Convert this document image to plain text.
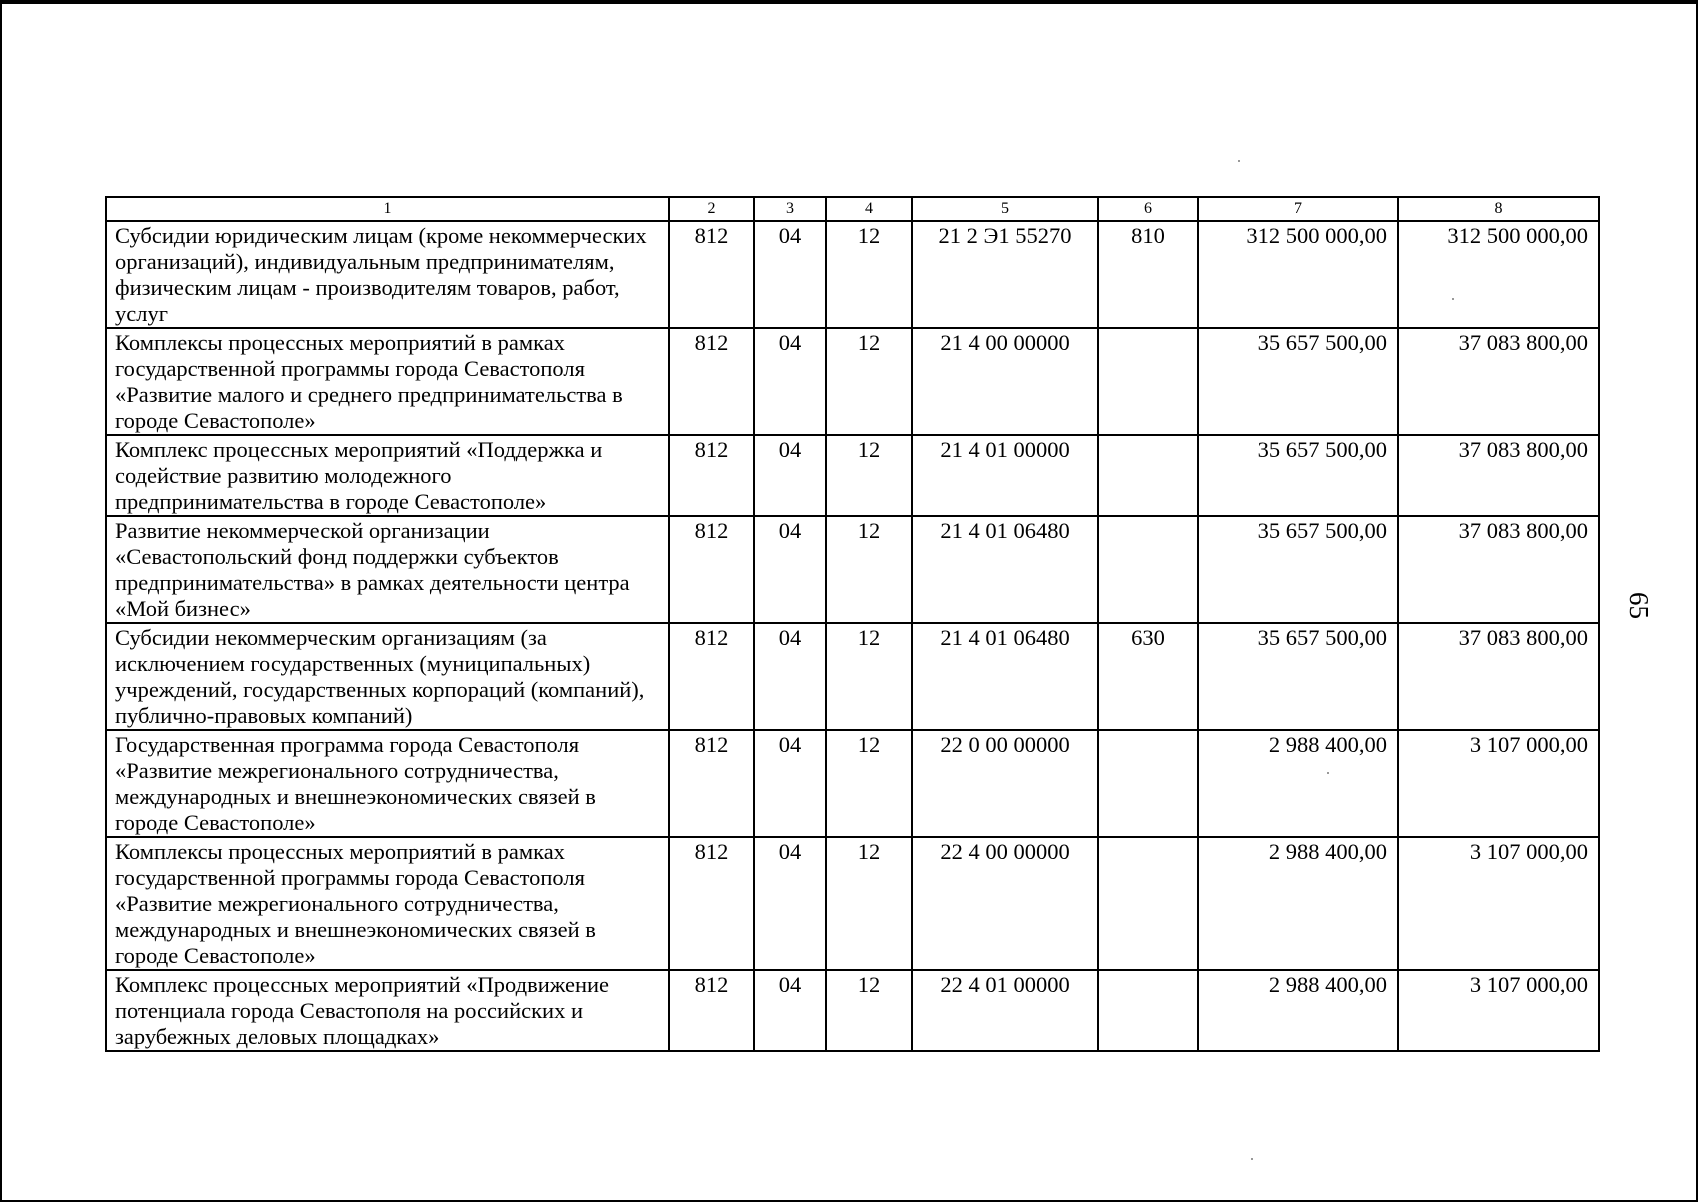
1	2	3	4	5	6	7	8
Субсидии юридическим лицам (кроме некоммерческих организаций), индивидуальным предпринимателям, физическим лицам - производителям товаров, работ, услуг	812	04	12	21 2 Э1 55270	810	312 500 000,00	312 500 000,00
Комплексы процессных мероприятий в рамках государственной программы города Севастополя «Развитие малого и среднего предпринимательства в городе Севастополе»	812	04	12	21 4 00 00000		35 657 500,00	37 083 800,00
Комплекс процессных мероприятий «Поддержка и содействие развитию молодежного предпринимательства в городе Севастополе»	812	04	12	21 4 01 00000		35 657 500,00	37 083 800,00
Развитие некоммерческой организации «Севастопольский фонд поддержки субъектов предпринимательства» в рамках деятельности центра «Мой бизнес»	812	04	12	21 4 01 06480		35 657 500,00	37 083 800,00
Субсидии некоммерческим организациям (за исключением государственных (муниципальных) учреждений, государственных корпораций (компаний), публично-правовых компаний)	812	04	12	21 4 01 06480	630	35 657 500,00	37 083 800,00
Государственная программа города Севастополя «Развитие межрегионального сотрудничества, международных и внешнеэкономических связей в городе Севастополе»	812	04	12	22 0 00 00000		2 988 400,00	3 107 000,00
Комплексы процессных мероприятий в рамках государственной программы города Севастополя «Развитие межрегионального сотрудничества, международных и внешнеэкономических связей в городе Севастополе»	812	04	12	22 4 00 00000		2 988 400,00	3 107 000,00
Комплекс процессных мероприятий «Продвижение потенциала города Севастополя на российских и зарубежных деловых площадках»	812	04	12	22 4 01 00000		2 988 400,00	3 107 000,00
65
